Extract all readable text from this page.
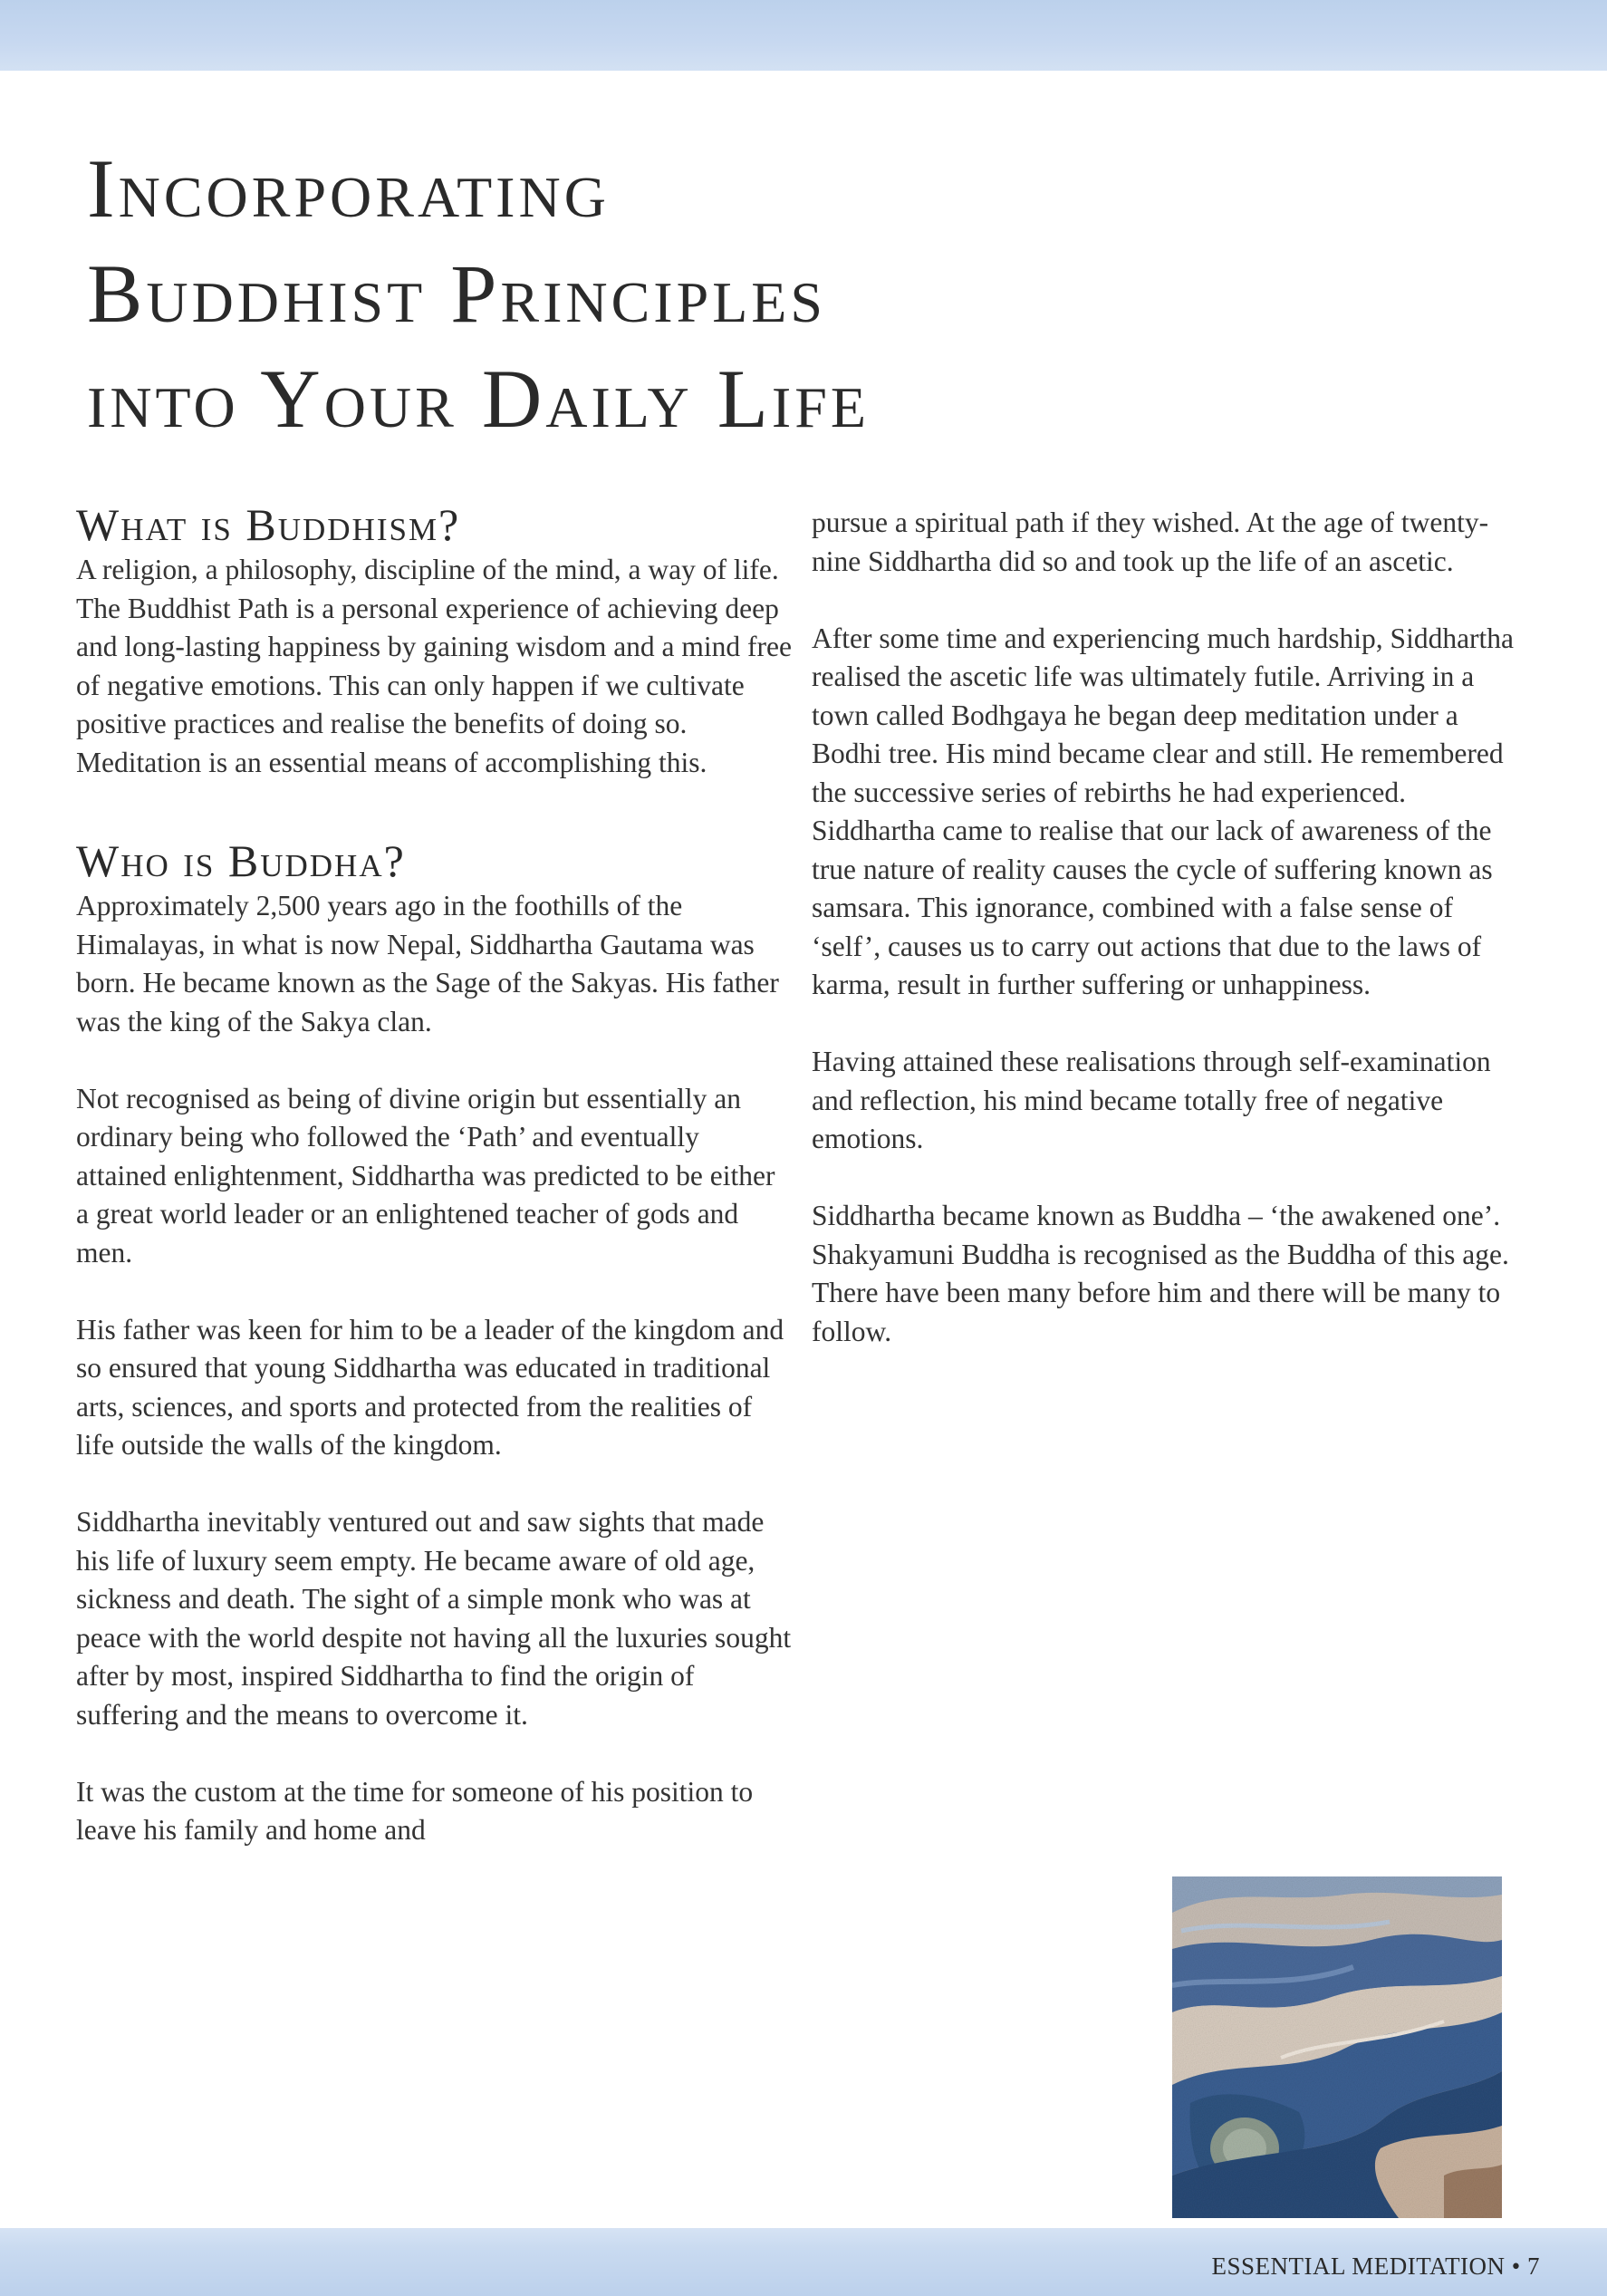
Incorporating
Buddhist Principles
into Your Daily Life
What is Buddhism?

A religion, a philosophy, discipline of the mind, a way of life. The Buddhist Path is a personal experience of achieving deep and long-lasting happiness by gaining wisdom and a mind free of negative emotions. This can only happen if we cultivate positive practices and realise the benefits of doing so. Meditation is an essential means of accomplishing this.

Who is Buddha?

Approximately 2,500 years ago in the foothills of the Himalayas, in what is now Nepal, Siddhartha Gautama was born. He became known as the Sage of the Sakyas. His father was the king of the Sakya clan.

Not recognised as being of divine origin but essentially an ordinary being who followed the ‘Path’ and eventually attained enlightenment, Siddhartha was predicted to be either a great world leader or an enlightened teacher of gods and men.

His father was keen for him to be a leader of the kingdom and so ensured that young Siddhartha was educated in traditional arts, sciences, and sports and protected from the realities of life outside the walls of the kingdom.

Siddhartha inevitably ventured out and saw sights that made his life of luxury seem empty. He became aware of old age, sickness and death. The sight of a simple monk who was at peace with the world despite not having all the luxuries sought after by most, inspired Siddhartha to find the origin of suffering and the means to overcome it.

It was the custom at the time for someone of his position to leave his family and home and

pursue a spiritual path if they wished. At the age of twenty-nine Siddhartha did so and took up the life of an ascetic.

After some time and experiencing much hardship, Siddhartha realised the ascetic life was ultimately futile. Arriving in a town called Bodhgaya he began deep meditation under a Bodhi tree. His mind became clear and still. He remembered the successive series of rebirths he had experienced. Siddhartha came to realise that our lack of awareness of the true nature of reality causes the cycle of suffering known as samsara. This ignorance, combined with a false sense of ‘self’, causes us to carry out actions that due to the laws of karma, result in further suffering or unhappiness.

Having attained these realisations through self-examination and reflection, his mind became totally free of negative emotions.

Siddhartha became known as Buddha – ‘the awakened one’. Shakyamuni Buddha is recognised as the Buddha of this age. There have been many before him and there will be many to follow.

ESSENTIAL MEDITATION • 7
